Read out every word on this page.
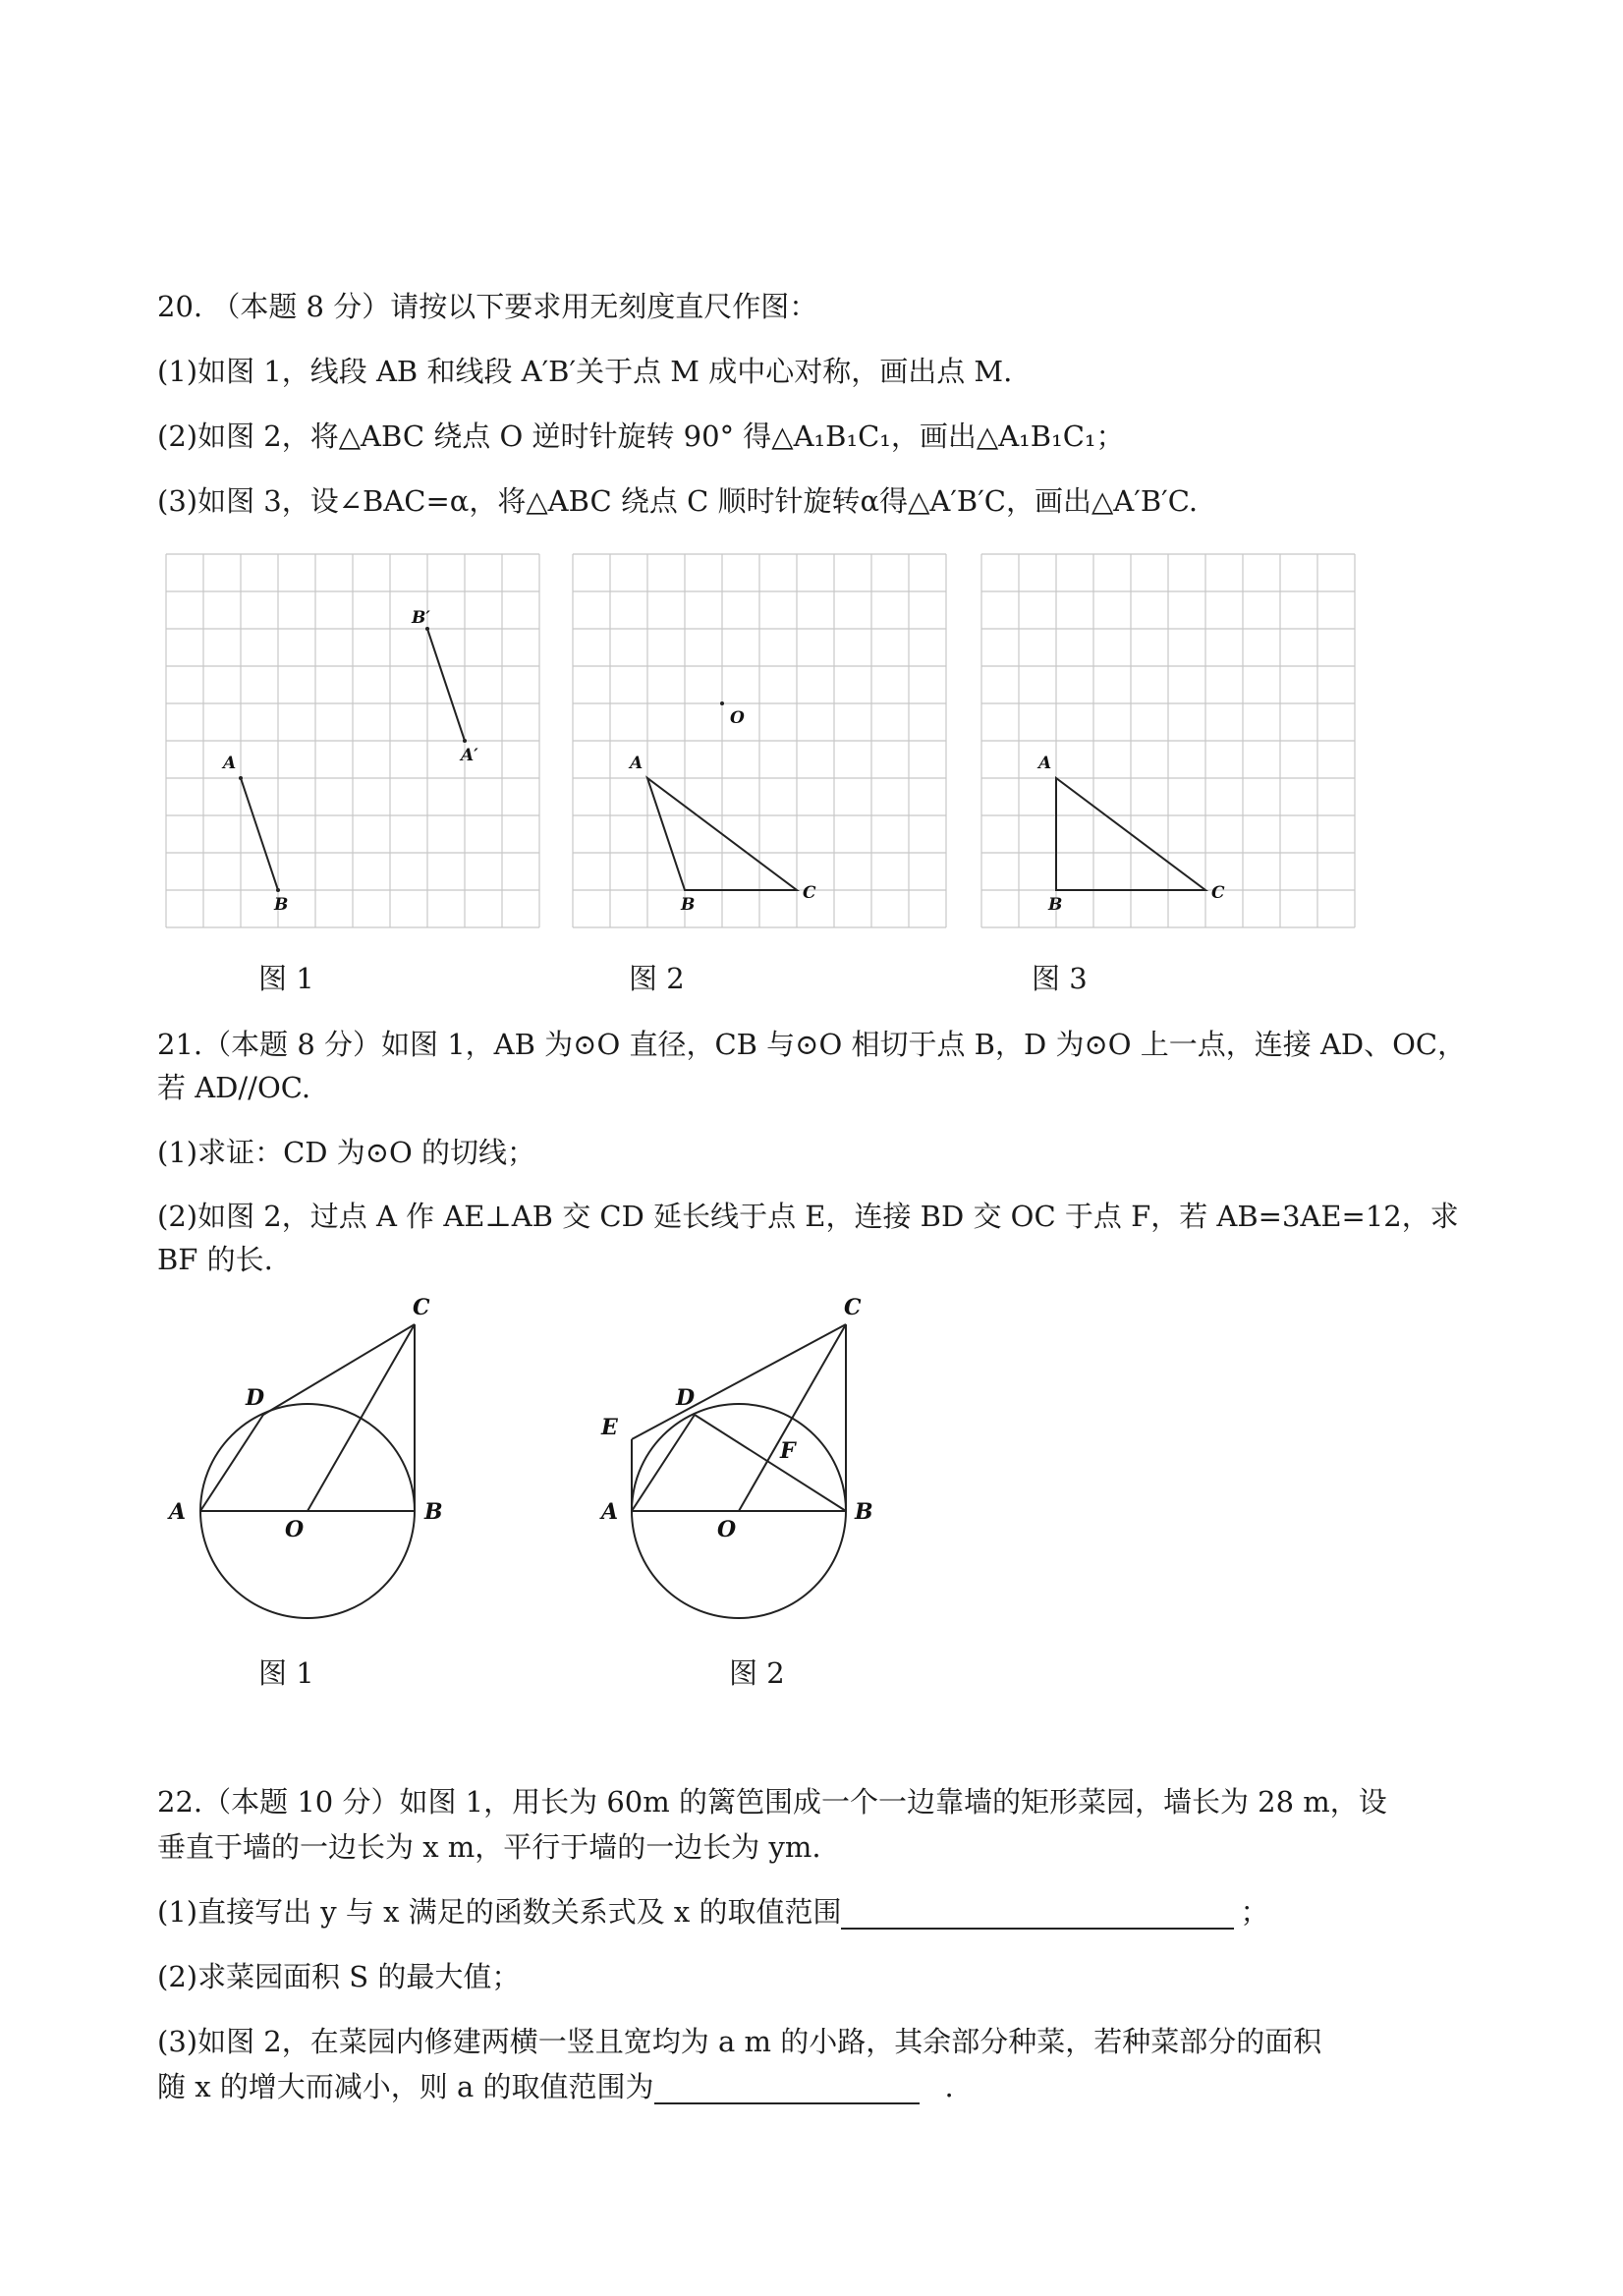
20. （本题 8 分）请按以下要求用无刻度直尺作图：
(1)如图 1，线段 AB 和线段 A′B′关于点 M 成中心对称，画出点 M.
(2)如图 2，将△ABC 绕点 O 逆时针旋转 90° 得△A₁B₁C₁，画出△A₁B₁C₁；
(3)如图 3，设∠BAC=α，将△ABC 绕点 C 顺时针旋转α得△A′B′C，画出△A′B′C.
A
B
B′
A′
O
A
B
C
A
B
C
图 1	图 2	图 3
21.（本题 8 分）如图 1，AB 为⊙O 直径，CB 与⊙O 相切于点 B，D 为⊙O 上一点，连接 AD、OC，
若 AD//OC.
(1)求证：CD 为⊙O 的切线；
(2)如图 2，过点 A 作 AE⊥AB 交 CD 延长线于点 E，连接 BD 交 OC 于点 F，若 AB=3AE=12，求
BF 的长.
A	B
O
D
C
A	B
O
D
E
F
C
图 1	图 2
22.（本题 10 分）如图 1，用长为 60m 的篱笆围成一个一边靠墙的矩形菜园，墙长为 28 m，设
垂直于墙的一边长为 x m，平行于墙的一边长为 ym.
(1)直接写出 y 与 x 满足的函数关系式及 x 的取值范围	；
(2)求菜园面积 S 的最大值；
(3)如图 2，在菜园内修建两横一竖且宽均为 a m 的小路，其余部分种菜，若种菜部分的面积
随 x 的增大而减小，则 a 的取值范围为	.
